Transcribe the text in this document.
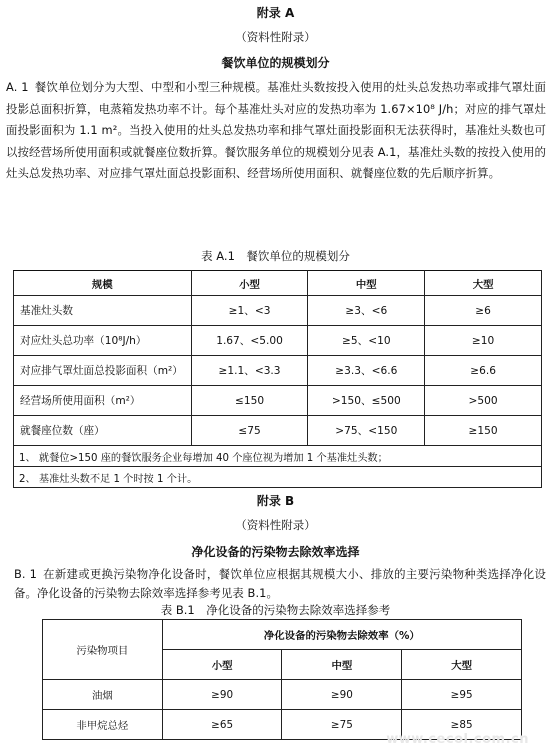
附录 A
（资料性附录）
餐饮单位的规模划分
A. 1 餐饮单位划分为大型、中型和小型三种规模。基准灶头数按投入使用的灶头总发热功率或排气罩灶面投影总面积折算，电蒸箱发热功率不计。每个基准灶头对应的发热功率为 1.67×10⁸ J/h；对应的排气罩灶面投影面积为 1.1 m²。当投入使用的灶头总发热功率和排气罩灶面投影面积无法获得时，基准灶头数也可以按经营场所使用面积或就餐座位数折算。餐饮服务单位的规模划分见表 A.1，基准灶头数的按投入使用的灶头总发热功率、对应排气罩灶面总投影面积、经营场所使用面积、就餐座位数的先后顺序折算。
表 A.1　餐饮单位的规模划分
规模	小型	中型	大型
基准灶头数	≥1、<3	≥3、<6	≥6
对应灶头总功率（10⁸J/h）	1.67、<5.00	≥5、<10	≥10
对应排气罩灶面总投影面积（m²）	≥1.1、<3.3	≥3.3、<6.6	≥6.6
经营场所使用面积（m²）	≤150	>150、≤500	>500
就餐座位数（座）	≤75	>75、<150	≥150
1、 就餐位>150 座的餐饮服务企业每增加 40 个座位视为增加 1 个基准灶头数；			
2、 基准灶头数不足 1 个时按 1 个计。			
附录 B
（资料性附录）
净化设备的污染物去除效率选择
B. 1 在新建或更换污染物净化设备时，餐饮单位应根据其规模大小、排放的主要污染物种类选择净化设备。净化设备的污染物去除效率选择参考见表 B.1。
表 B.1　净化设备的污染物去除效率选择参考
污染物项目	净化设备的污染物去除效率（%）		
	小型	中型	大型
油烟	≥90	≥90	≥95
非甲烷总烃	≥65	≥75	≥85
www.cecol.com.cn
